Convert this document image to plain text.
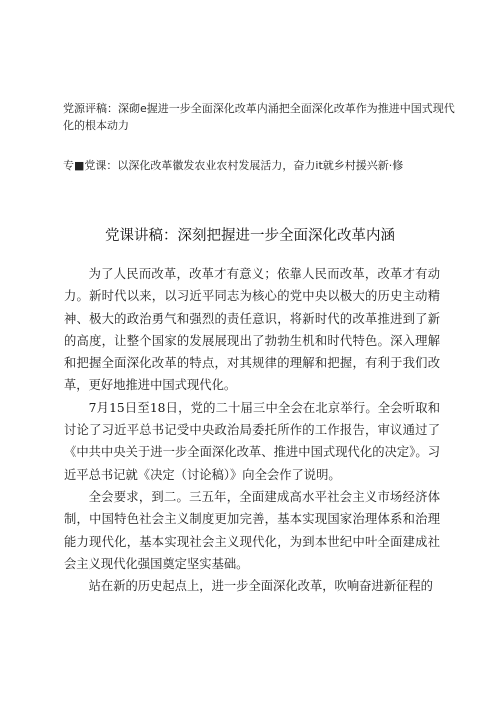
党源评稿：深砌e握进一步全面深化改革内涌把全面深化改革作为推进中国式现代化的根本动力
专■党课：以深化改革徽发农业农村发展活力，奋力it就乡村援兴新·修
党课讲稿：深刻把握进一步全面深化改革内涵

为了人民而改革，改革才有意义；依靠人民而改革，改革才有动力。新时代以来，以习近平同志为核心的党中央以极大的历史主动精神、极大的政治勇气和强烈的责任意识，将新时代的改革推进到了新的高度，让整个国家的发展展现出了勃勃生机和时代特色。深入理解和把握全面深化改革的特点，对其规律的理解和把握，有利于我们改革，更好地推进中国式现代化。

7月15日至18日，党的二十届三中全会在北京举行。全会听取和讨论了习近平总书记受中央政治局委托所作的工作报告，审议通过了《中共中央关于进一步全面深化改革、推进中国式现代化的决定》。习近平总书记就《决定（讨论稿）》向全会作了说明。

全会要求，到二。三五年，全面建成高水平社会主义市场经济体制，中国特色社会主义制度更加完善，基本实现国家治理体系和治理能力现代化，基本实现社会主义现代化，为到本世纪中叶全面建成社会主义现代化强国奠定坚实基础。

站在新的历史起点上，进一步全面深化改革，吹响奋进新征程的
